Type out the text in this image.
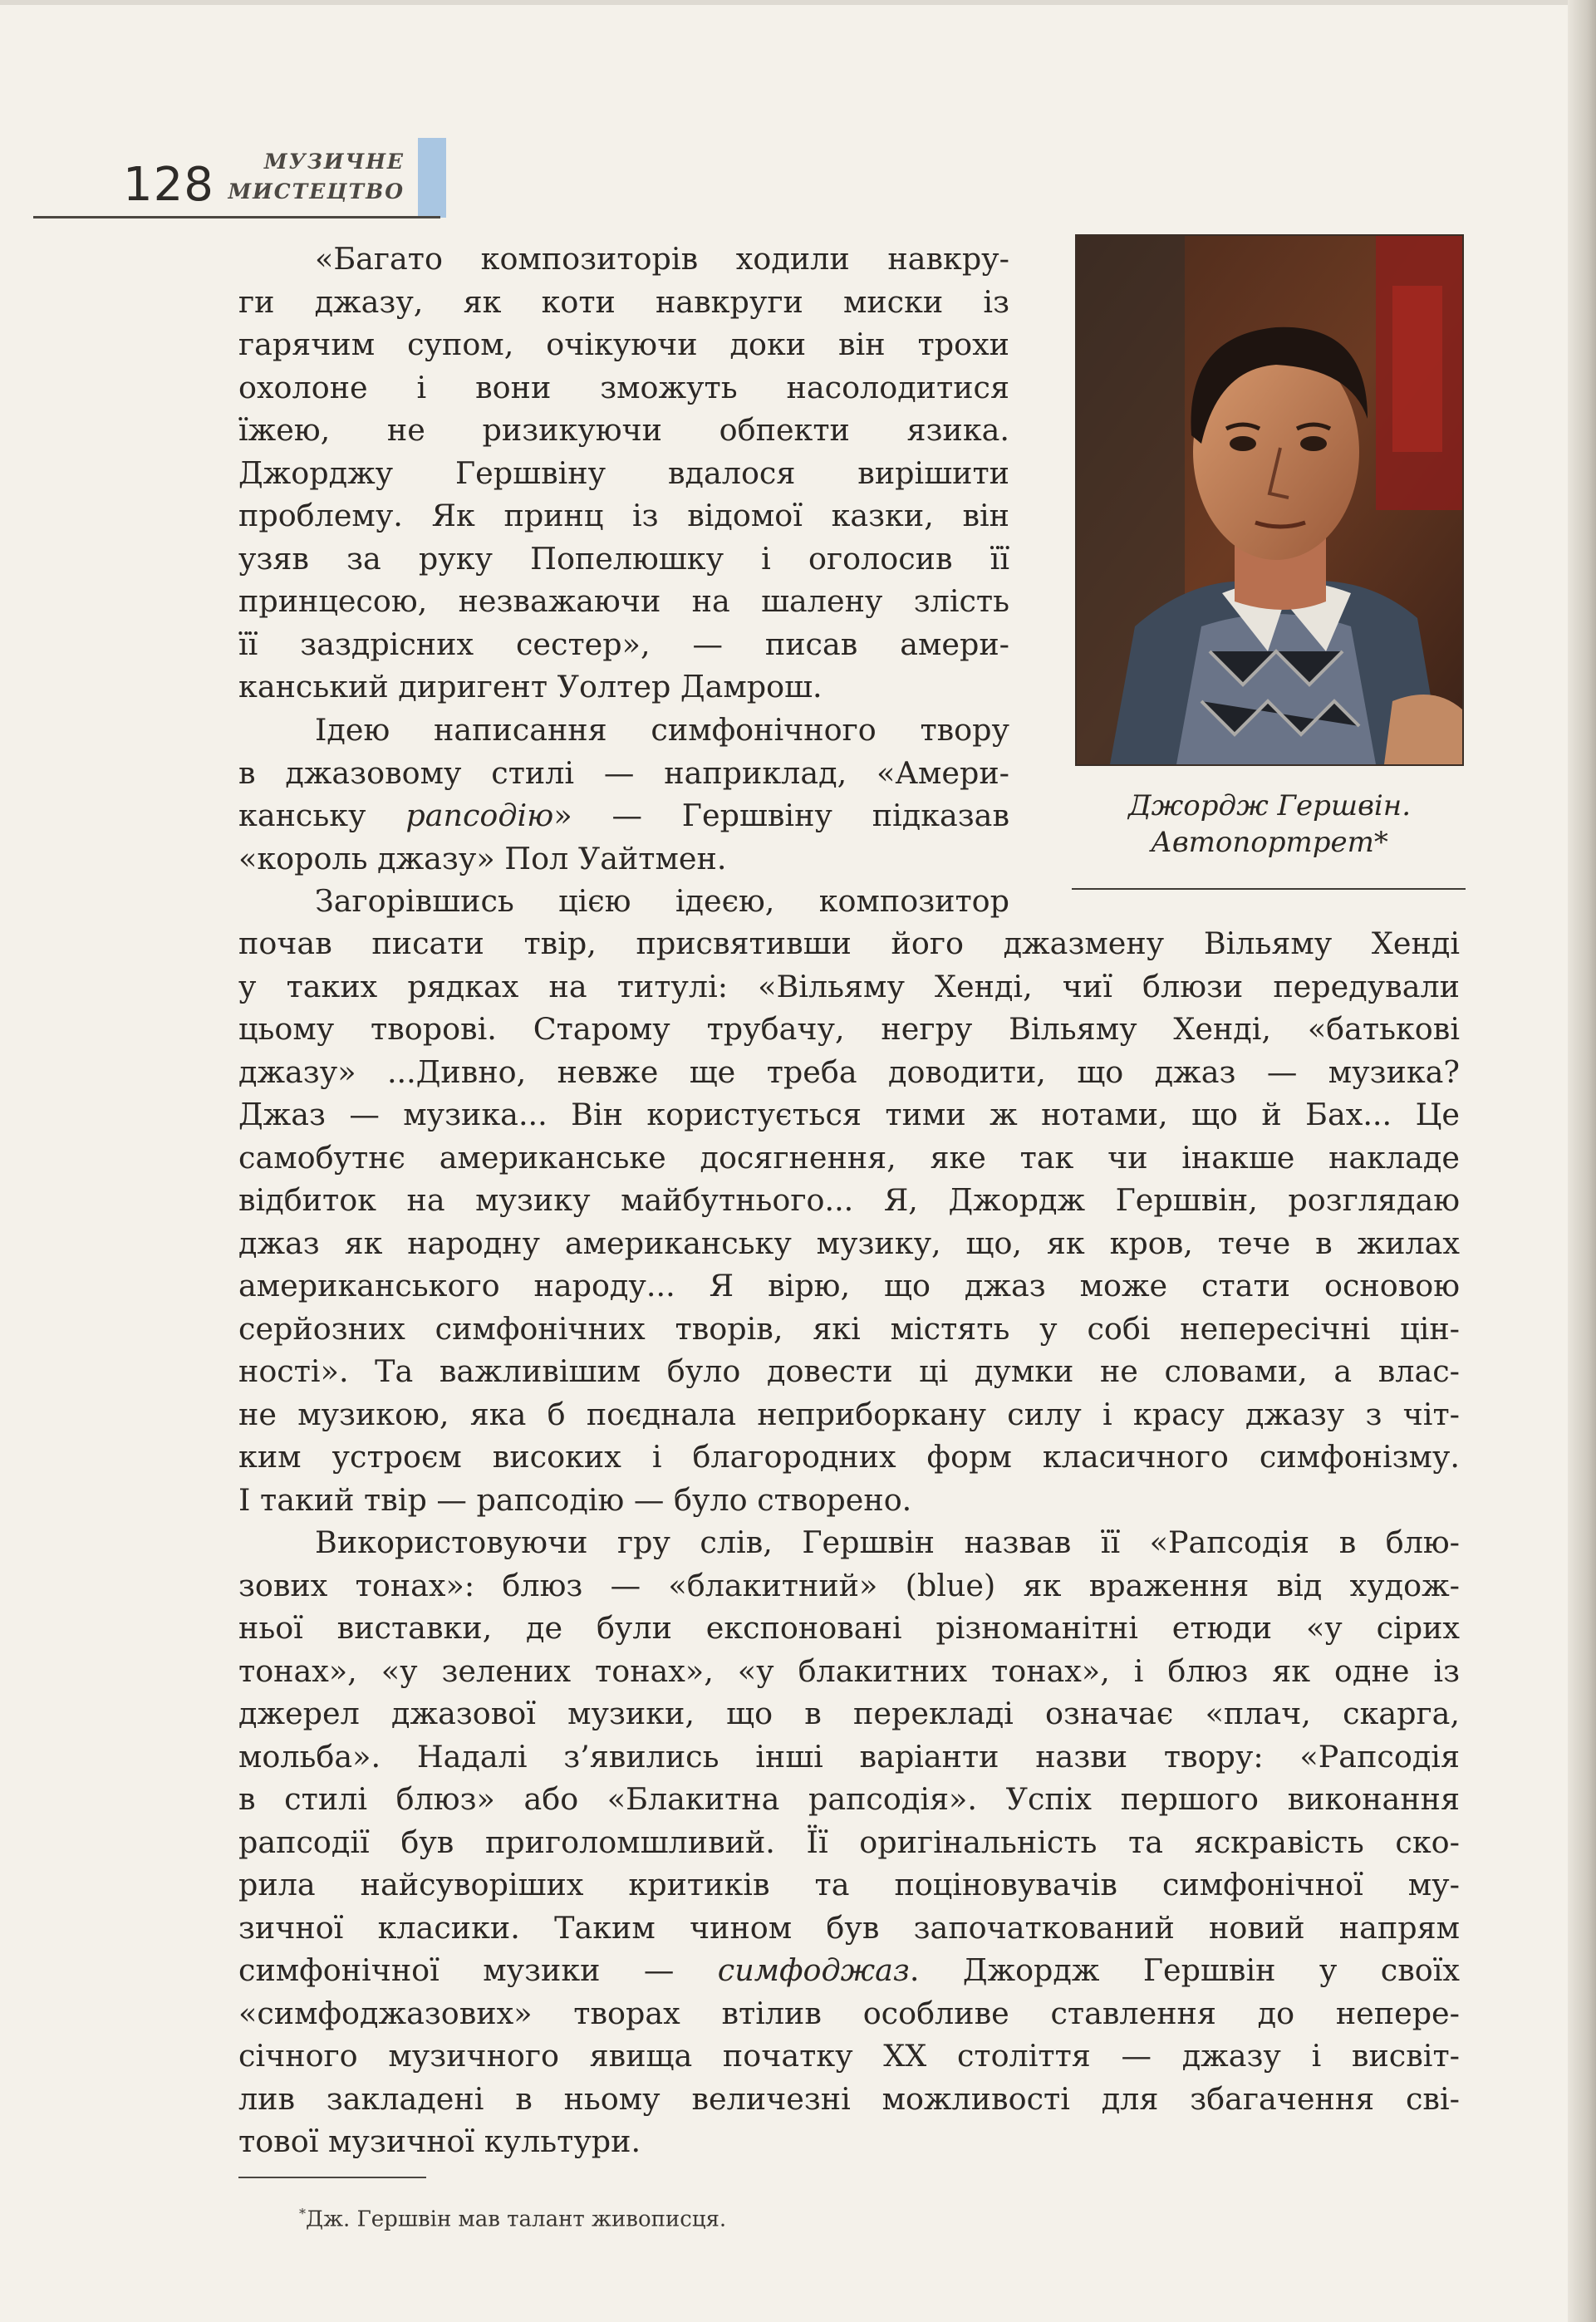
128 МУЗИЧНЕ
МИСТЕЦТВО
Джордж Гершвін.
Автопортрет*
«Багато композиторів ходили навкру-
ги джазу, як коти навкруги миски із
гарячим супом, очікуючи доки він трохи
охолоне і вони зможуть насолодитися
їжею, не ризикуючи обпекти язика.
Джорджу Гершвіну вдалося вирішити
проблему. Як принц із відомої казки, він
узяв за руку Попелюшку і оголосив її
принцесою, незважаючи на шалену злість
її заздрісних сестер», — писав амери-
канський диригент Уолтер Дамрош.
Ідею написання симфонічного твору
в джазовому стилі — наприклад, «Амери-
канську рапсодію» — Гершвіну підказав
«король джазу» Пол Уайтмен.
Загорівшись цією ідеєю, композитор
почав писати твір, присвятивши його джазмену Вільяму Хенді
у таких рядках на титулі: «Вільяму Хенді, чиї блюзи передували
цьому творові. Старому трубачу, негру Вільяму Хенді, «батькові
джазу» ...Дивно, невже ще треба доводити, що джаз — музика?
Джаз — музика... Він користується тими ж нотами, що й Бах... Це
самобутнє американське досягнення, яке так чи інакше накладе
відбиток на музику майбутнього... Я, Джордж Гершвін, розглядаю
джаз як народну американську музику, що, як кров, тече в жилах
американського народу... Я вірю, що джаз може стати основою
серйозних симфонічних творів, які містять у собі непересічні цін-
ності». Та важливішим було довести ці думки не словами, а влас-
не музикою, яка б поєднала неприборкану силу і красу джазу з чіт-
ким устроєм високих і благородних форм класичного симфонізму.
І такий твір — рапсодію — було створено.
Використовуючи гру слів, Гершвін назвав її «Рапсодія в блю-
зових тонах»: блюз — «блакитний» (blue) як враження від худож-
ньої виставки, де були експоновані різноманітні етюди «у сірих
тонах», «у зелених тонах», «у блакитних тонах», і блюз як одне із
джерел джазової музики, що в перекладі означає «плач, скарга,
мольба». Надалі з’явились інші варіанти назви твору: «Рапсодія
в стилі блюз» або «Блакитна рапсодія». Успіх першого виконання
рапсодії був приголомшливий. Її оригінальність та яскравість ско-
рила найсуворіших критиків та поціновувачів симфонічної му-
зичної класики. Таким чином був започаткований новий напрям
симфонічної музики — симфоджаз. Джордж Гершвін у своїх
«симфоджазових» творах втілив особливе ставлення до непере-
січного музичного явища початку XX століття — джазу і висвіт-
лив закладені в ньому величезні можливості для збагачення сві-
тової музичної культури.
*Дж. Гершвін мав талант живописця.
